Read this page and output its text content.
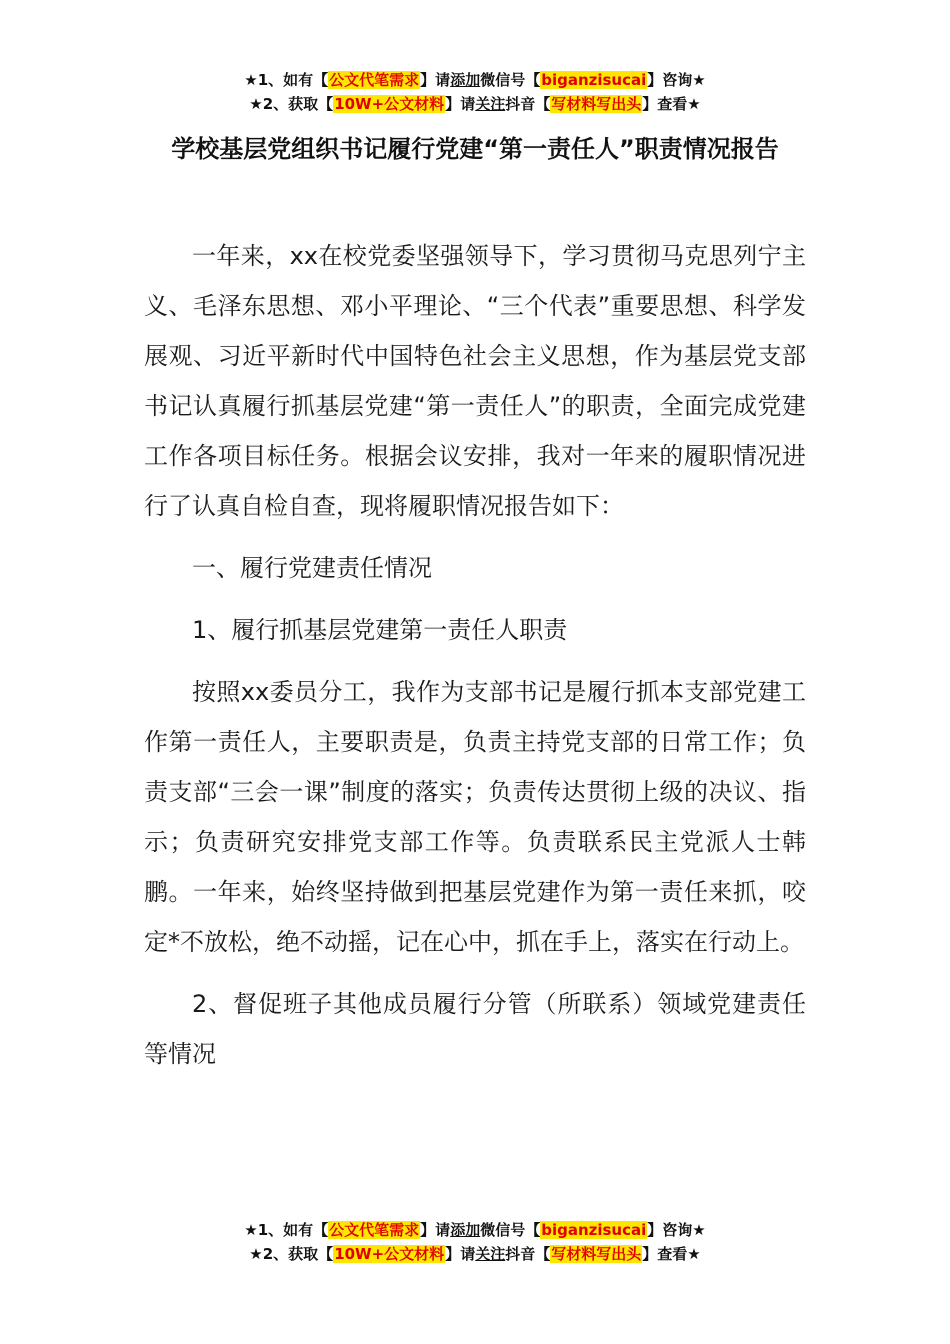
★1、如有【公文代笔需求】请添加微信号【biganzisucai】咨询★
★2、获取【10W+公文材料】请关注抖音【写材料写出头】查看★
学校基层党组织书记履行党建“第一责任人”职责情况报告

一年来，xx在校党委坚强领导下，学习贯彻马克思列宁主义、毛泽东思想、邓小平理论、“三个代表”重要思想、科学发展观、习近平新时代中国特色社会主义思想，作为基层党支部书记认真履行抓基层党建“第一责任人”的职责，全面完成党建工作各项目标任务。根据会议安排，我对一年来的履职情况进行了认真自检自查，现将履职情况报告如下：

一、履行党建责任情况

1、履行抓基层党建第一责任人职责

按照xx委员分工，我作为支部书记是履行抓本支部党建工作第一责任人，主要职责是，负责主持党支部的日常工作；负责支部“三会一课”制度的落实；负责传达贯彻上级的决议、指示；负责研究安排党支部工作等。负责联系民主党派人士韩鹏。一年来，始终坚持做到把基层党建作为第一责任来抓，咬定*不放松，绝不动摇，记在心中，抓在手上，落实在行动上。

2、督促班子其他成员履行分管（所联系）领域党建责任等情况

★1、如有【公文代笔需求】请添加微信号【biganzisucai】咨询★
★2、获取【10W+公文材料】请关注抖音【写材料写出头】查看★
